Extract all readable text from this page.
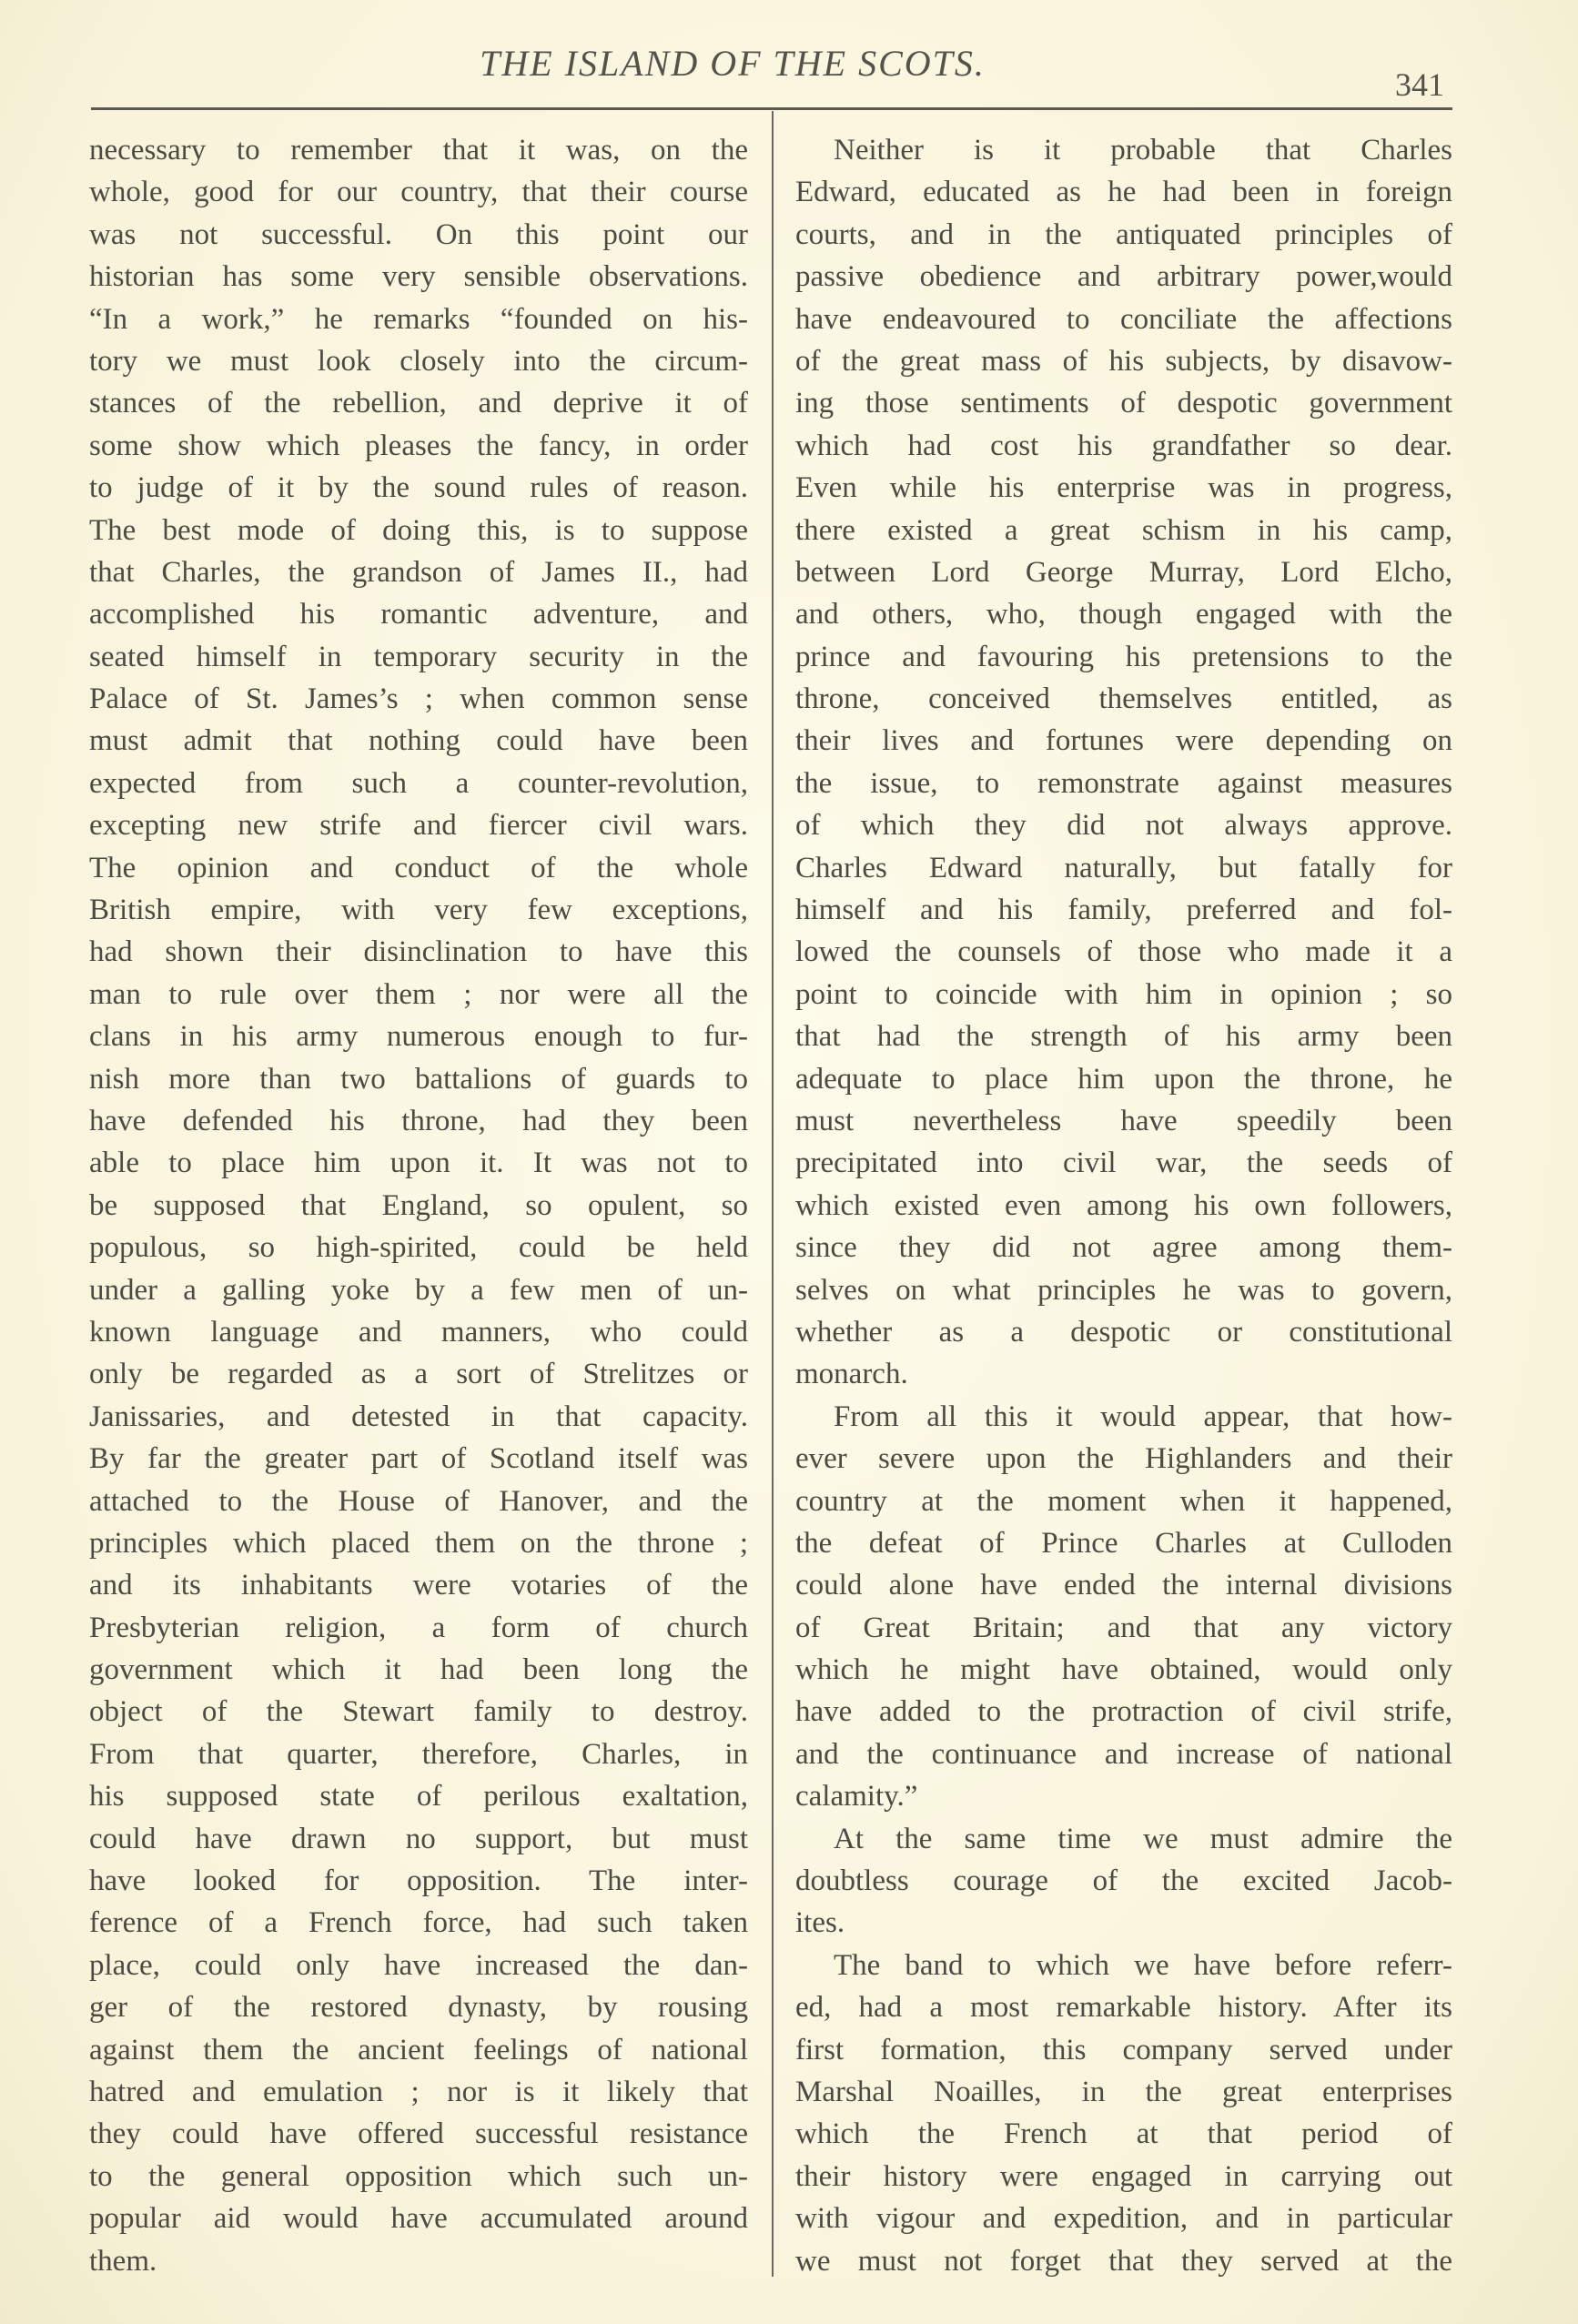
THE ISLAND OF THE SCOTS.
341
necessary to remember that it was, on the
whole, good for our country, that their course
was not successful. On this point our
historian has some very sensible observations.
“In a work,” he remarks “founded on his-
tory we must look closely into the circum-
stances of the rebellion, and deprive it of
some show which pleases the fancy, in order
to judge of it by the sound rules of reason.
The best mode of doing this, is to suppose
that Charles, the grandson of James II., had
accomplished his romantic adventure, and
seated himself in temporary security in the
Palace of St. James’s ; when common sense
must admit that nothing could have been
expected from such a counter-revolution,
excepting new strife and fiercer civil wars.
The opinion and conduct of the whole
British empire, with very few exceptions,
had shown their disinclination to have this
man to rule over them ; nor were all the
clans in his army numerous enough to fur-
nish more than two battalions of guards to
have defended his throne, had they been
able to place him upon it. It was not to
be supposed that England, so opulent, so
populous, so high-spirited, could be held
under a galling yoke by a few men of un-
known language and manners, who could
only be regarded as a sort of Strelitzes or
Janissaries, and detested in that capacity.
By far the greater part of Scotland itself was
attached to the House of Hanover, and the
principles which placed them on the throne ;
and its inhabitants were votaries of the
Presbyterian religion, a form of church
government which it had been long the
object of the Stewart family to destroy.
From that quarter, therefore, Charles, in
his supposed state of perilous exaltation,
could have drawn no support, but must
have looked for opposition. The inter-
ference of a French force, had such taken
place, could only have increased the dan-
ger of the restored dynasty, by rousing
against them the ancient feelings of national
hatred and emulation ; nor is it likely that
they could have offered successful resistance
to the general opposition which such un-
popular aid would have accumulated around
them.
Neither is it probable that Charles
Edward, educated as he had been in foreign
courts, and in the antiquated principles of
passive obedience and arbitrary power,would
have endeavoured to conciliate the affections
of the great mass of his subjects, by disavow-
ing those sentiments of despotic government
which had cost his grandfather so dear.
Even while his enterprise was in progress,
there existed a great schism in his camp,
between Lord George Murray, Lord Elcho,
and others, who, though engaged with the
prince and favouring his pretensions to the
throne, conceived themselves entitled, as
their lives and fortunes were depending on
the issue, to remonstrate against measures
of which they did not always approve.
Charles Edward naturally, but fatally for
himself and his family, preferred and fol-
lowed the counsels of those who made it a
point to coincide with him in opinion ; so
that had the strength of his army been
adequate to place him upon the throne, he
must nevertheless have speedily been
precipitated into civil war, the seeds of
which existed even among his own followers,
since they did not agree among them-
selves on what principles he was to govern,
whether as a despotic or constitutional
monarch.
From all this it would appear, that how-
ever severe upon the Highlanders and their
country at the moment when it happened,
the defeat of Prince Charles at Culloden
could alone have ended the internal divisions
of Great Britain; and that any victory
which he might have obtained, would only
have added to the protraction of civil strife,
and the continuance and increase of national
calamity.”
At the same time we must admire the
doubtless courage of the excited Jacob-
ites.
The band to which we have before referr-
ed, had a most remarkable history. After its
first formation, this company served under
Marshal Noailles, in the great enterprises
which the French at that period of
their history were engaged in carrying out
with vigour and expedition, and in particular
we must not forget that they served at the
